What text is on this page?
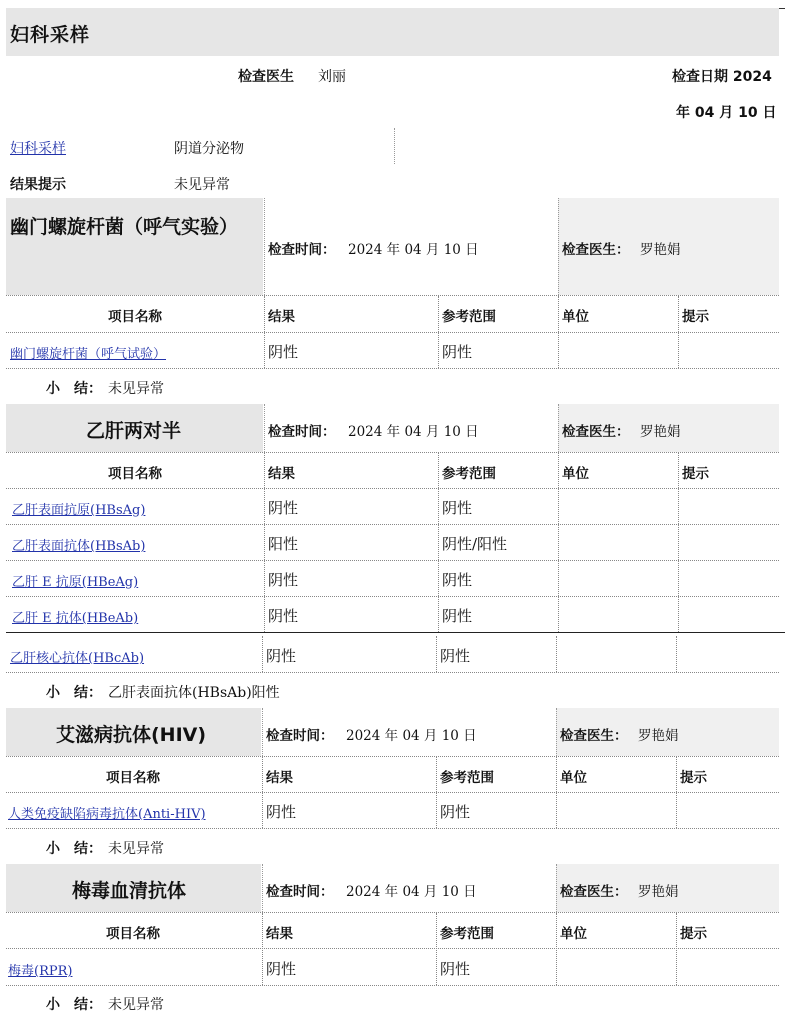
妇科采样
检查医生 刘丽	检查日期 2024
年 04 月 10 日
妇科采样	阴道分泌物
结果提示	未见异常
幽门螺旋杆菌（呼气实验）
检查时间： 2024 年 04 月 10 日	检查医生： 罗艳娟
项目名称	结果	参考范围	单位	提示
幽门螺旋杆菌（呼气试验）	阴性	阴性
小　结： 未见异常
乙肝两对半	检查时间： 2024 年 04 月 10 日	检查医生： 罗艳娟
项目名称	结果	参考范围	单位	提示
乙肝表面抗原(HBsAg)	阴性	阴性
乙肝表面抗体(HBsAb)	阳性	阴性/阳性
乙肝 E 抗原(HBeAg)	阴性	阴性
乙肝 E 抗体(HBeAb)	阴性	阴性
乙肝核心抗体(HBcAb)	阴性	阴性
小　结： 乙肝表面抗体(HBsAb)阳性
艾滋病抗体(HIV)	检查时间： 2024 年 04 月 10 日	检查医生： 罗艳娟
项目名称	结果	参考范围	单位	提示
人类免疫缺陷病毒抗体(Anti-HIV)	阴性	阴性
小　结： 未见异常
梅毒血清抗体	检查时间： 2024 年 04 月 10 日	检查医生： 罗艳娟
项目名称	结果	参考范围	单位	提示
梅毒(RPR)	阴性	阴性
小　结： 未见异常
